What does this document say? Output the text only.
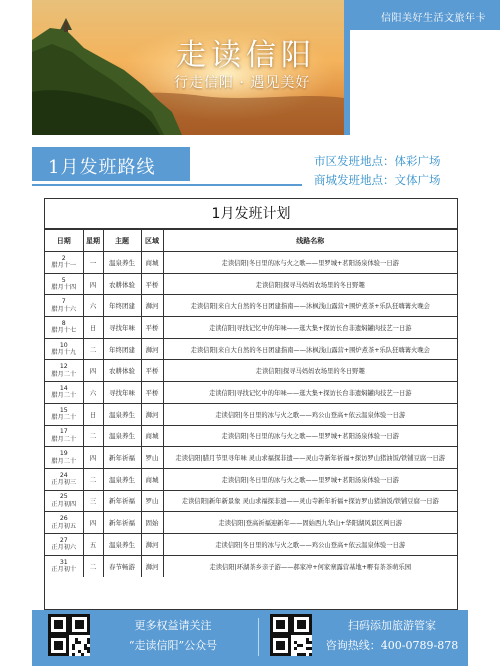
信阳美好生活文旅年卡
走读信阳
行走信阳 · 遇见美好
1月发班路线	市区发班地点：体彩广场
商城发班地点：文体广场
1月发班计划
日期	星期	主题	区域	线路名称

2
腊月十一	一	温泉养生	商城	走读信阳|冬日里的冰与火之歌——里罗城+茗阳汤泉体验一日游

5
腊月十四	四	农耕体验	平桥	走读信阳|探寻马妈妈农场里的冬日野趣

7
腊月十六	六	年终团建	浉河	走读信阳|来自大自然的冬日团建指南——沐枫浅山露营+围炉煮茶+乐队狂嗨篝火晚会

8
腊月十七	日	寻找年味	平桥	走读信阳|寻找记忆中的年味——逛大集+探访长台非遗焖罐肉技艺一日游

10
腊月十九	二	年终团建	浉河	走读信阳|来自大自然的冬日团建指南——沐枫浅山露营+围炉煮茶+乐队狂嗨篝火晚会

12
腊月二十	四	农耕体验	平桥	走读信阳|探寻马妈妈农场里的冬日野趣

14
腊月二十	六	寻找年味	平桥	走读信阳|寻找记忆中的年味——逛大集+探访长台非遗焖罐肉技艺一日游

15
腊月二十	日	温泉养生	浉河	走读信阳|冬日里的冰与火之歌——鸡公山登高+依云温泉体验一日游

17
腊月二十	二	温泉养生	商城	走读信阳|冬日里的冰与火之歌——里罗城+茗阳汤泉体验一日游

19
腊月二十	四	新年祈福	罗山	走读信阳|腊月节里寻年味 灵山求福探非遗——灵山寺新年祈福+探访罗山猪油饭/铁铺豆腐一日游

24
正月初三	二	温泉养生	商城	走读信阳|冬日里的冰与火之歌——里罗城+茗阳汤泉体验一日游

25
正月初四	三	新年祈福	罗山	走读信阳|新年新景象 灵山求福探非遗——灵山寺新年祈福+探访罗山猪油饭/铁铺豆腐一日游

26
正月初五	四	新年祈福	固始	走读信阳|登高祈福迎新年——固始西九华山+华阳湖风景区两日游

27
正月初六	五	温泉养生	浉河	走读信阳|冬日里的冰与火之歌——鸡公山登高+依云温泉体验一日游

31
正月初十	二	春节畅游	浉河	走读信阳|环湖茶乡亲子游——郝家冲+何家寨露营基地+嘢有茶茶萌乐园
更多权益请关注
“走读信阳”公众号
扫码添加旅游管家
咨询热线：400-0789-878
